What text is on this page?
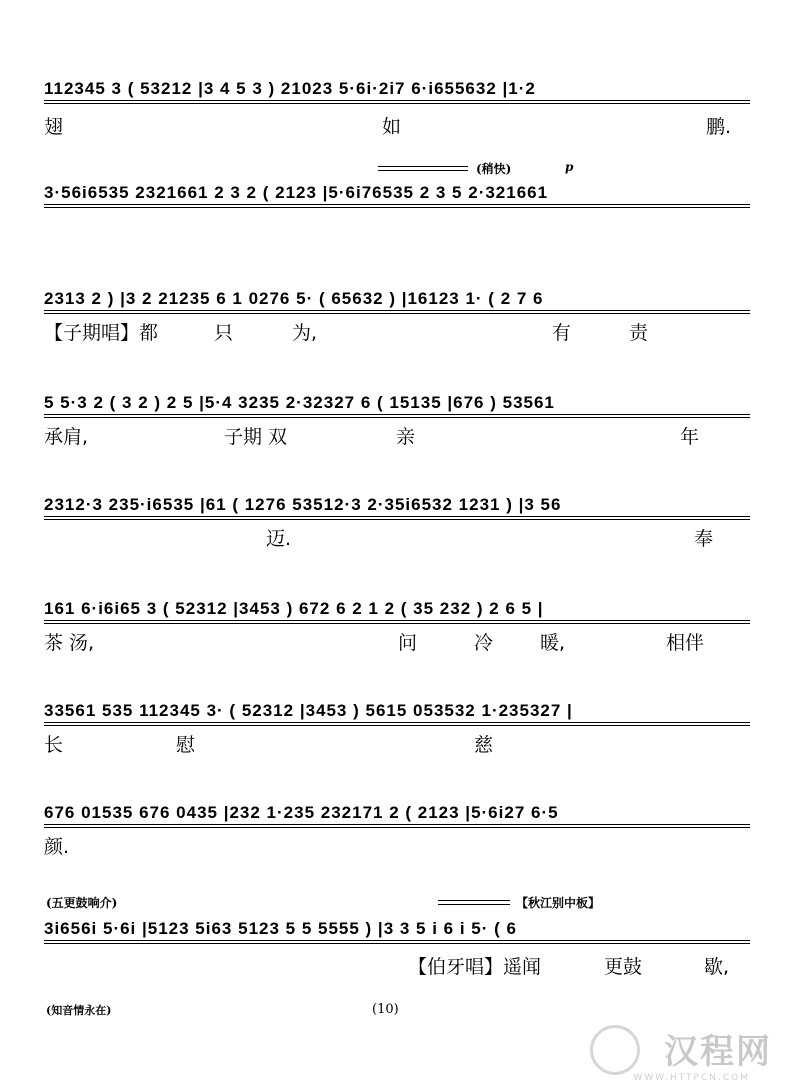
112345 3 ( 53212 |3 4 5 3 ) 21023 5·6i·2i7 6·i655632 |1·2
翅	如	鹏.
(稍快)	p
3·56i6535 2321661 2 3 2 ( 2123 |5·6i76535 2 3 5 2·321661
2313 2 ) |3 2 21235 6 1 0276 5· ( 65632 ) |16123 1· ( 2 7 6
【子期唱】都	只	为,	有	责
5 5·3 2 ( 3 2 ) 2 5 |5·4 3235 2·32327 6 ( 15135 |676 ) 53561
承肩,	子期 双	亲	年
2312·3 235·i6535 |61 ( 1276 53512·3 2·35i6532 1231 ) |3 56
迈.	奉
161 6·i6i65 3 ( 52312 |3453 ) 672 6 2 1 2 ( 35 232 ) 2 6 5 |
茶 汤,	问	冷 暖,	相伴
33561 535 112345 3· ( 52312 |3453 ) 5615 053532 1·235327 |
长	慰	慈
676 01535 676 0435 |232 1·235 232171 2 ( 2123 |5·6i27 6·5
颜.
(五更鼓响介)	【秋江别中板】
3i656i 5·6i |5123 5i63 5123 5 5 5555 ) |3 3 5 i 6 i 5· ( 6
【伯牙唱】遥闻	更鼓	歇,
(知音情永在)	(10)
汉程网
WWW.HTTPCN.COM
